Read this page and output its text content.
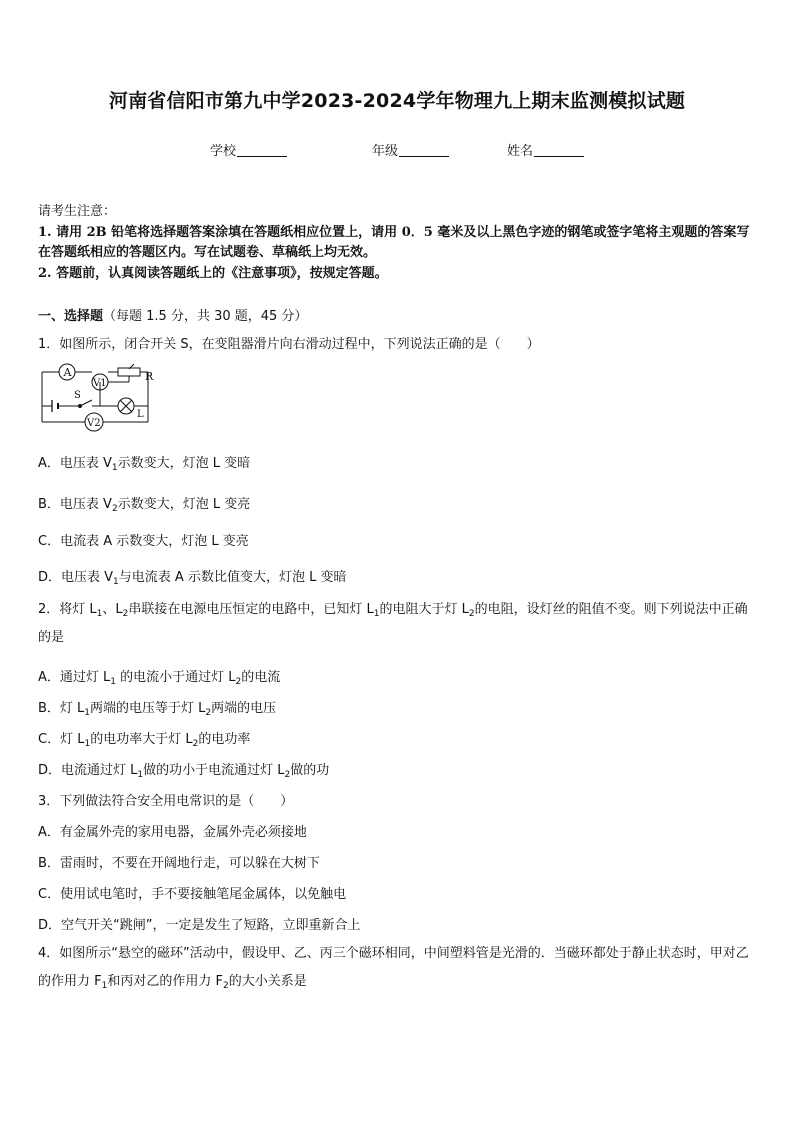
河南省信阳市第九中学2023-2024学年物理九上期末监测模拟试题
学校	年级	姓名
请考生注意：
1. 请用 2B 铅笔将选择题答案涂填在答题纸相应位置上，请用 0．5 毫米及以上黑色字迹的钢笔或签字笔将主观题的答案写在答题纸相应的答题区内。写在试题卷、草稿纸上均无效。
2. 答题前，认真阅读答题纸上的《注意事项》，按规定答题。
一、选择题（每题 1.5 分，共 30 题，45 分）
1．如图所示，闭合开关 S，在变阻器滑片向右滑动过程中，下列说法正确的是（　　）
A
V1
V2
S
R
L
A．电压表 $V_1$示数变大，灯泡 L 变暗
B．电压表 $V_2$示数变大，灯泡 L 变亮
C．电流表 A 示数变大，灯泡 L 变亮
D．电压表 $V_1$与电流表 A 示数比值变大，灯泡 L 变暗
2．将灯 $L_1$、$L_2$串联接在电源电压恒定的电路中，已知灯 $L_1$的电阻大于灯 $L_2$的电阻，设灯丝的阻值不变。则下列说法中正确的是
A．通过灯 $L_1$ 的电流小于通过灯 $L_2$的电流
B．灯 $L_1$两端的电压等于灯 $L_2$两端的电压
C．灯 $L_1$的电功率大于灯 $L_2$的电功率
D．电流通过灯 $L_1$做的功小于电流通过灯 $L_2$做的功
3．下列做法符合安全用电常识的是（　　）
A．有金属外壳的家用电器，金属外壳必须接地
B．雷雨时，不要在开阔地行走，可以躲在大树下
C．使用试电笔时，手不要接触笔尾金属体，以免触电
D．空气开关“跳闸”，一定是发生了短路，立即重新合上
4．如图所示“悬空的磁环”活动中，假设甲、乙、丙三个磁环相同，中间塑料管是光滑的．当磁环都处于静止状态时，甲对乙的作用力 $F_1$和丙对乙的作用力 $F_2$的大小关系是
